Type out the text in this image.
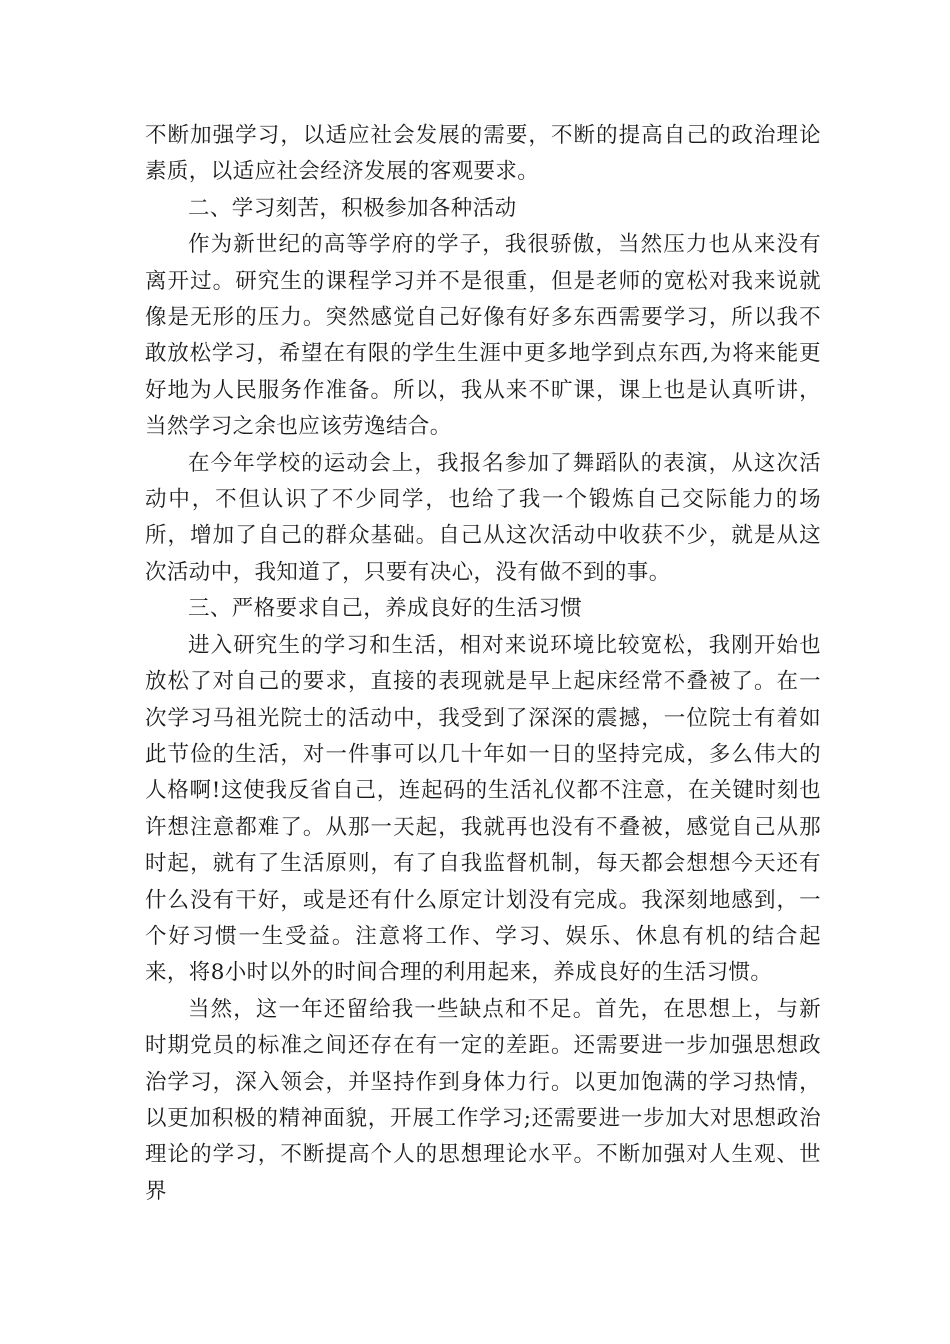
不断加强学习，以适应社会发展的需要，不断的提高自己的政治理论素质，以适应社会经济发展的客观要求。

二、学习刻苦，积极参加各种活动

作为新世纪的高等学府的学子，我很骄傲，当然压力也从来没有离开过。研究生的课程学习并不是很重，但是老师的宽松对我来说就像是无形的压力。突然感觉自己好像有好多东西需要学习，所以我不敢放松学习，希望在有限的学生生涯中更多地学到点东西,为将来能更好地为人民服务作准备。所以，我从来不旷课，课上也是认真听讲，当然学习之余也应该劳逸结合。

在今年学校的运动会上，我报名参加了舞蹈队的表演，从这次活动中，不但认识了不少同学，也给了我一个锻炼自己交际能力的场所，增加了自己的群众基础。自己从这次活动中收获不少，就是从这次活动中，我知道了，只要有决心，没有做不到的事。

三、严格要求自己，养成良好的生活习惯

进入研究生的学习和生活，相对来说环境比较宽松，我刚开始也放松了对自己的要求，直接的表现就是早上起床经常不叠被了。在一次学习马祖光院士的活动中，我受到了深深的震撼，一位院士有着如此节俭的生活，对一件事可以几十年如一日的坚持完成，多么伟大的人格啊!这使我反省自己，连起码的生活礼仪都不注意，在关键时刻也许想注意都难了。从那一天起，我就再也没有不叠被，感觉自己从那时起，就有了生活原则，有了自我监督机制，每天都会想想今天还有什么没有干好，或是还有什么原定计划没有完成。我深刻地感到，一个好习惯一生受益。注意将工作、学习、娱乐、休息有机的结合起来，将8小时以外的时间合理的利用起来，养成良好的生活习惯。

当然，这一年还留给我一些缺点和不足。首先，在思想上，与新时期党员的标准之间还存在有一定的差距。还需要进一步加强思想政治学习，深入领会，并坚持作到身体力行。以更加饱满的学习热情，以更加积极的精神面貌，开展工作学习;还需要进一步加大对思想政治理论的学习，不断提高个人的思想理论水平。不断加强对人生观、世界
